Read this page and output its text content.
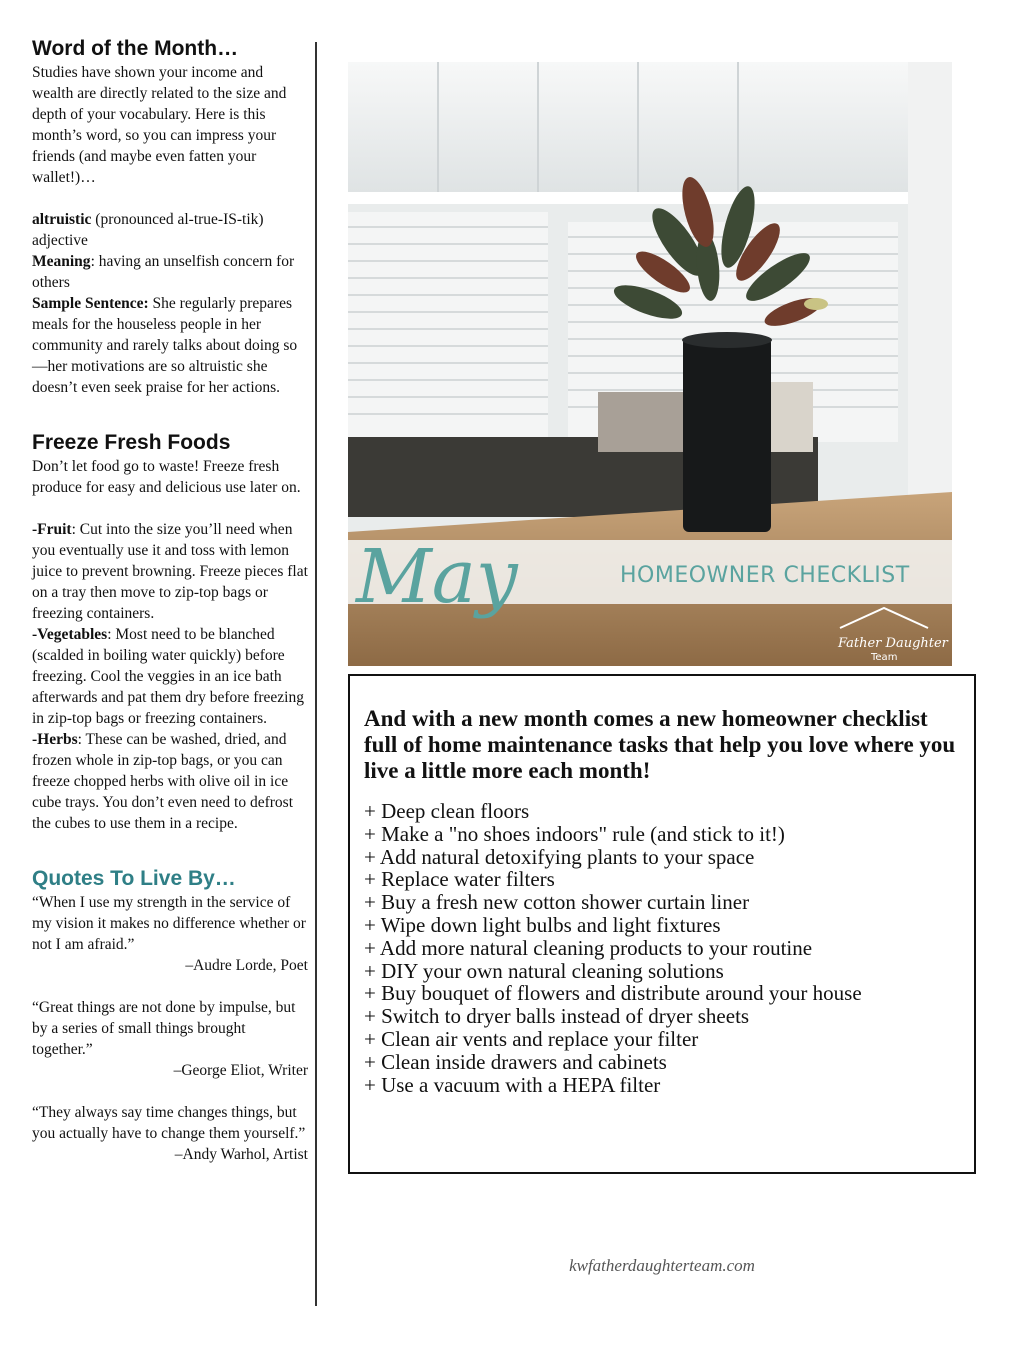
Word of the Month…

Studies have shown your income and wealth are directly related to the size and depth of your vocabulary. Here is this month’s word, so you can impress your friends (and maybe even fatten your wallet!)…

altruistic (pronounced al-true-IS-tik) adjective

Meaning: having an unselfish concern for others

Sample Sentence: She regularly prepares meals for the houseless people in her community and rarely talks about doing so—her motivations are so altruistic she doesn’t even seek praise for her actions.

Freeze Fresh Foods

Don’t let food go to waste! Freeze fresh produce for easy and delicious use later on.

-Fruit: Cut into the size you’ll need when you eventually use it and toss with lemon juice to prevent browning. Freeze pieces flat on a tray then move to zip-top bags or freezing containers.

-Vegetables: Most need to be blanched (scalded in boiling water quickly) before freezing. Cool the veggies in an ice bath afterwards and pat them dry before freezing in zip-top bags or freezing containers.

-Herbs: These can be washed, dried, and frozen whole in zip-top bags, or you can freeze chopped herbs with olive oil in ice cube trays. You don’t even need to defrost the cubes to use them in a recipe.

Quotes To Live By…

“When I use my strength in the service of my vision it makes no difference whether or not I am afraid.”

–Audre Lorde, Poet

“Great things are not done by impulse, but by a series of small things brought together.”

–George Eliot, Writer

“They always say time changes things, but you actually have to change them yourself.”

–Andy Warhol, Artist

May	HOMEOWNER CHECKLIST
Father Daughter
Team

And with a new month comes a new homeowner checklist full of home maintenance tasks that help you love where you live a little more each month!

+ Deep clean floors
+ Make a "no shoes indoors" rule (and stick to it!)
+ Add natural detoxifying plants to your space
+ Replace water filters
+ Buy a fresh new cotton shower curtain liner
+ Wipe down light bulbs and light fixtures
+ Add more natural cleaning products to your routine
+ DIY your own natural cleaning solutions
+ Buy bouquet of flowers and distribute around your house
+ Switch to dryer balls instead of dryer sheets
+ Clean air vents and replace your filter
+ Clean inside drawers and cabinets
+ Use a vacuum with a HEPA filter
kwfatherdaughterteam.com
